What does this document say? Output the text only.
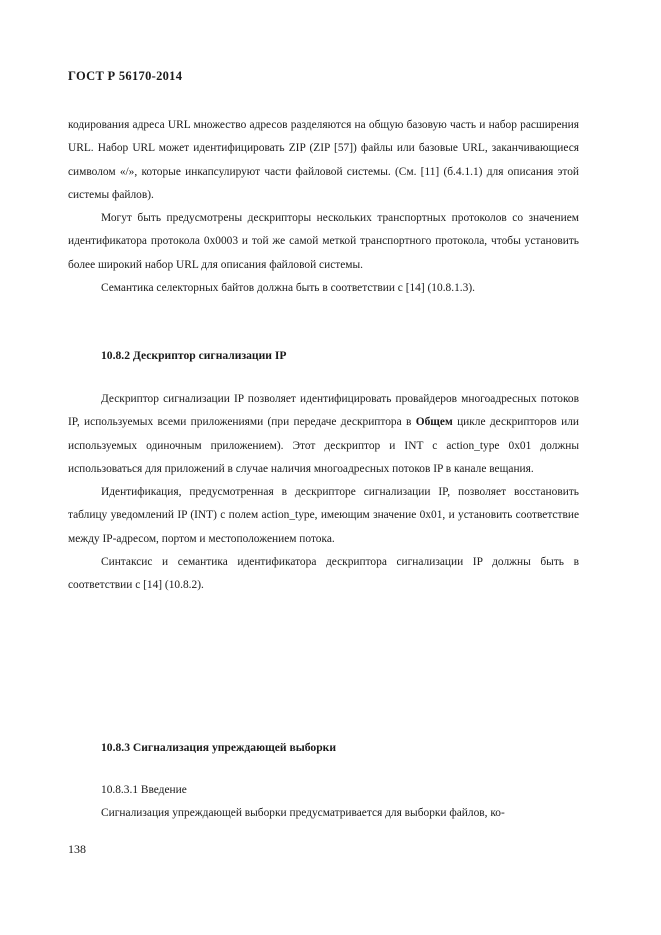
ГОСТ Р 56170-2014

кодирования адреса URL множество адресов разделяются на общую базовую часть и набор расширения URL. Набор URL может идентифицировать ZIP (ZIP [57]) файлы или базовые URL, заканчивающиеся символом «/», которые инкапсулируют части файловой системы. (См. [11] (б.4.1.1) для описания этой системы файлов).

Могут быть предусмотрены дескрипторы нескольких транспортных протоколов со значением идентификатора протокола 0x0003 и той же самой меткой транспортного протокола, чтобы установить более широкий набор URL для описания файловой системы.

Семантика селекторных байтов должна быть в соответствии с [14] (10.8.1.3).

10.8.2 Дескриптор сигнализации IP

Дескриптор сигнализации IP позволяет идентифицировать провайдеров многоадресных потоков IP, используемых всеми приложениями (при передаче дескриптора в Общем цикле дескрипторов или используемых одиночным приложением). Этот дескриптор и INT с action_type 0x01 должны использоваться для приложений в случае наличия многоадресных потоков IP в канале вещания.

Идентификация, предусмотренная в дескрипторе сигнализации IP, позволяет восстановить таблицу уведомлений IP (INT) с полем action_type, имеющим значение 0x01, и установить соответствие между IP-адресом, портом и местоположением потока.

Синтаксис и семантика идентификатора дескриптора сигнализации IP должны быть в соответствии с [14] (10.8.2).

10.8.3 Сигнализация упреждающей выборки
10.8.3.1 Введение

Сигнализация упреждающей выборки предусматривается для выборки файлов, ко-

138
